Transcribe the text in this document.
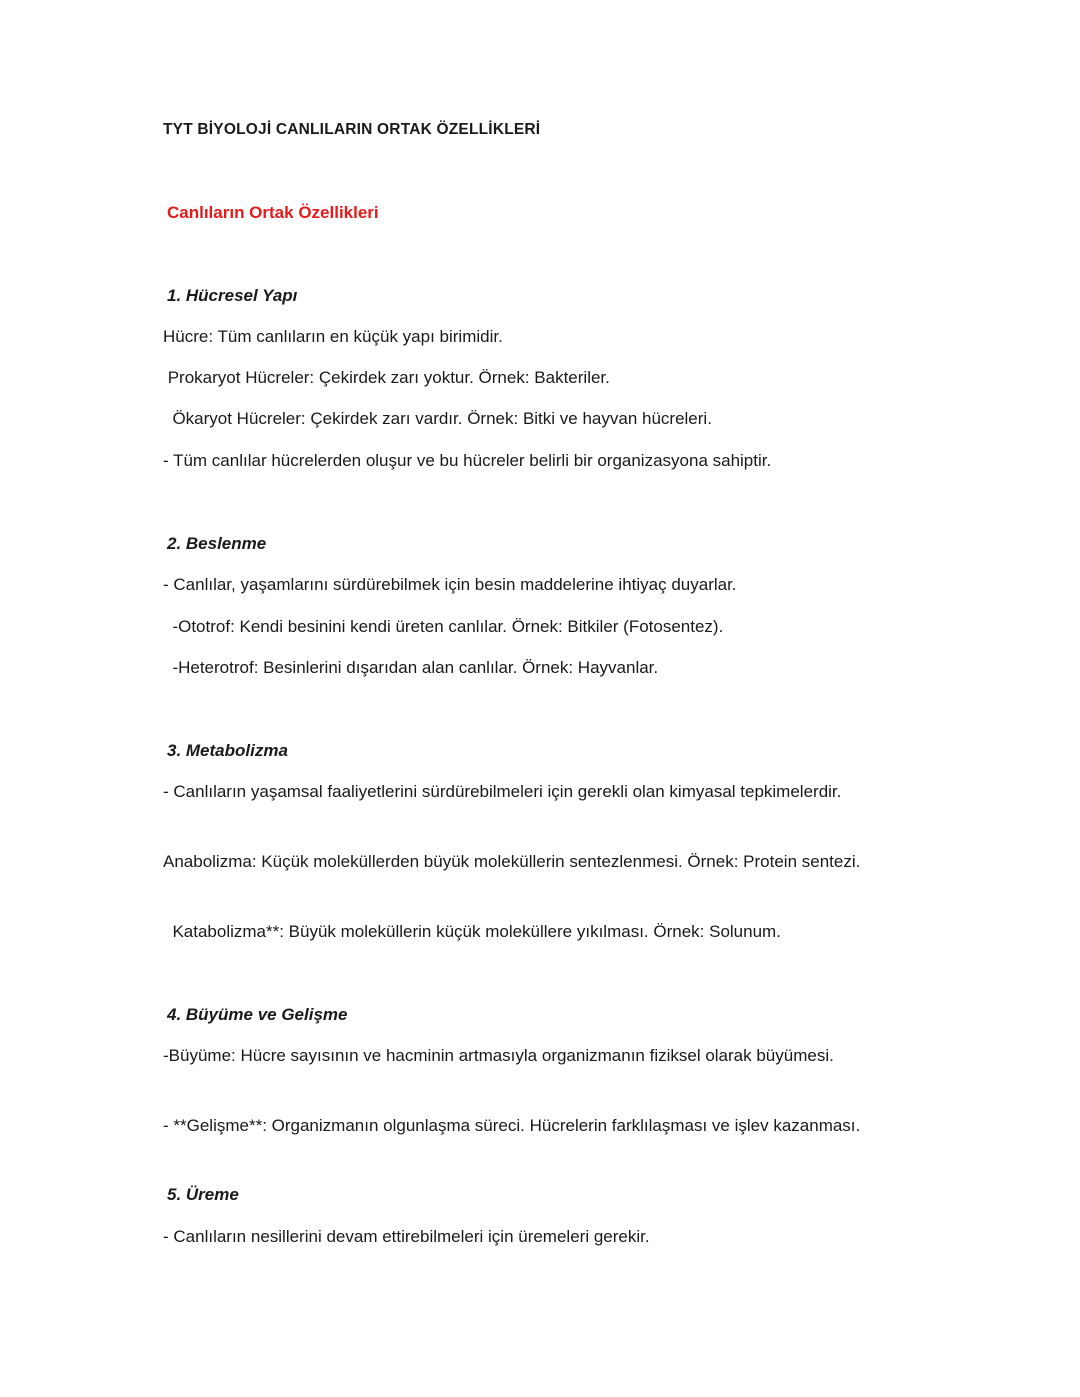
TYT BİYOLOJİ CANLILARIN ORTAK ÖZELLİKLERİ
Canlıların Ortak Özellikleri
1. Hücresel Yapı
Hücre: Tüm canlıların en küçük yapı birimidir.
Prokaryot Hücreler: Çekirdek zarı yoktur. Örnek: Bakteriler.
Ökaryot Hücreler: Çekirdek zarı vardır. Örnek: Bitki ve hayvan hücreleri.
- Tüm canlılar hücrelerden oluşur ve bu hücreler belirli bir organizasyona sahiptir.
2. Beslenme
- Canlılar, yaşamlarını sürdürebilmek için besin maddelerine ihtiyaç duyarlar.
-Ototrof: Kendi besinini kendi üreten canlılar. Örnek: Bitkiler (Fotosentez).
-Heterotrof: Besinlerini dışarıdan alan canlılar. Örnek: Hayvanlar.
3. Metabolizma
- Canlıların yaşamsal faaliyetlerini sürdürebilmeleri için gerekli olan kimyasal tepkimelerdir.
Anabolizma: Küçük moleküllerden büyük moleküllerin sentezlenmesi. Örnek: Protein sentezi.
Katabolizma**: Büyük moleküllerin küçük moleküllere yıkılması. Örnek: Solunum.
4. Büyüme ve Gelişme
-Büyüme: Hücre sayısının ve hacminin artmasıyla organizmanın fiziksel olarak büyümesi.
- **Gelişme**: Organizmanın olgunlaşma süreci. Hücrelerin farklılaşması ve işlev kazanması.
5. Üreme
- Canlıların nesillerini devam ettirebilmeleri için üremeleri gerekir.
